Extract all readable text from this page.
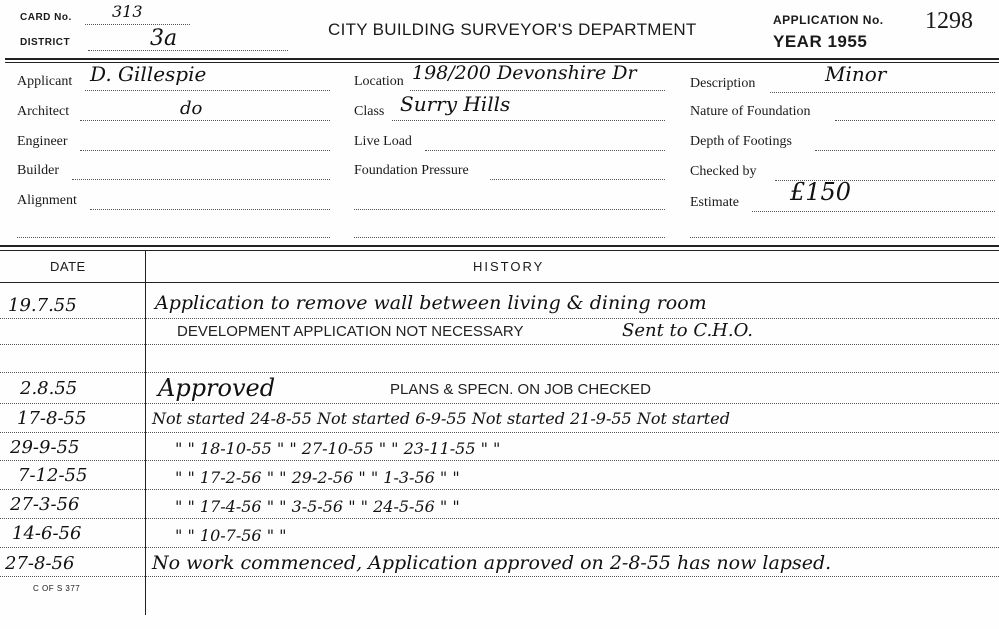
CARD No.	313
DISTRICT	3a	CITY BUILDING SURVEYOR'S DEPARTMENT	APPLICATION No. 1298
YEAR 1955
Applicant D. Gillespie
Architect	do
Engineer
Builder
Alignment
Location 198/200 Devonshire Dr
Class Surry Hills
Live Load
Foundation Pressure
Description	Minor
Nature of Foundation
Depth of Footings
Checked by
Estimate £150
DATE	HISTORY
19.7.55	Application to remove wall between living & dining room
DEVELOPMENT APPLICATION NOT NECESSARY	Sent to C.H.O.
2.8.55	Approved	PLANS & SPECN. ON JOB CHECKED
17-8-55	Not started 24-8-55 Not started 6-9-55 Not started 21-9-55 Not started
29-9-55	" " 18-10-55 " " 27-10-55 " " 23-11-55 " "
7-12-55	" " 17-2-56 " " 29-2-56 " " 1-3-56 " "
27-3-56	" " 17-4-56 " " 3-5-56 " " 24-5-56 " "
14-6-56	" " 10-7-56 " "
27-8-56	No work commenced, Application approved on 2-8-55 has now lapsed.
C OF S 377
